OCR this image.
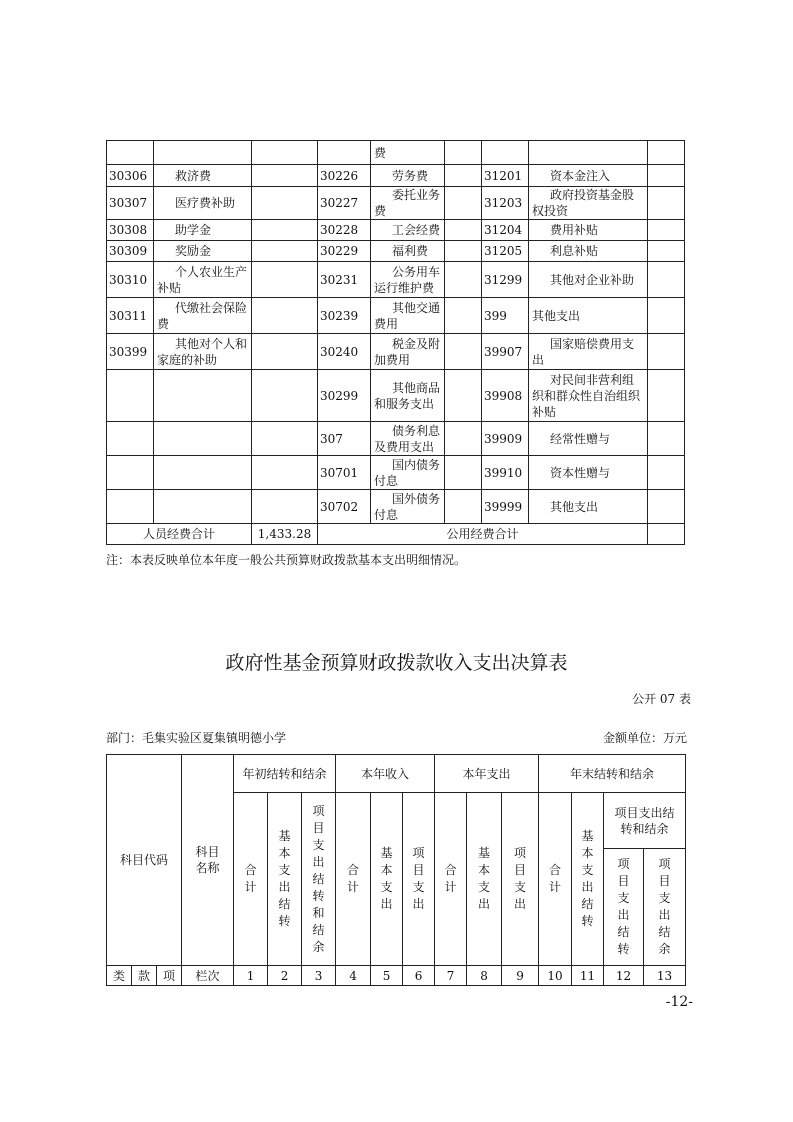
				费				
30306	救济费		30226	劳务费		31201	资本金注入	
30307	医疗费补助		30227	委托业务费		31203	政府投资基金股权投资	
30308	助学金		30228	工会经费		31204	费用补贴	
30309	奖励金		30229	福利费		31205	利息补贴	
30310	个人农业生产补贴		30231	公务用车运行维护费		31299	其他对企业补助	
30311	代缴社会保险费		30239	其他交通费用		399	其他支出	
30399	其他对个人和家庭的补助		30240	税金及附加费用		39907	国家赔偿费用支出	
			30299	其他商品和服务支出		39908	对民间非营利组织和群众性自治组织补贴	
			307	债务利息及费用支出		39909	经常性赠与	
			30701	国内债务付息		39910	资本性赠与	
			30702	国外债务付息		39999	其他支出	
人员经费合计		1,433.28	公用经费合计					
注：本表反映单位本年度一般公共预算财政拨款基本支出明细情况。
政府性基金预算财政拨款收入支出决算表
公开 07 表
部门：毛集实验区夏集镇明德小学	金额单位：万元
科目代码			科目名称	年初结转和结余			本年收入			本年支出			年末结转和结余			
				合计	基本支出结转	项目支出结转和结余	合计	基本支出	项目支出	合计	基本支出	项目支出	合计	基本支出结转	项目支出结转和结余	
															项目支出结转	项目支出结余
类	款	项	栏次	1	2	3	4	5	6	7	8	9	10	11	12	13
-12-
